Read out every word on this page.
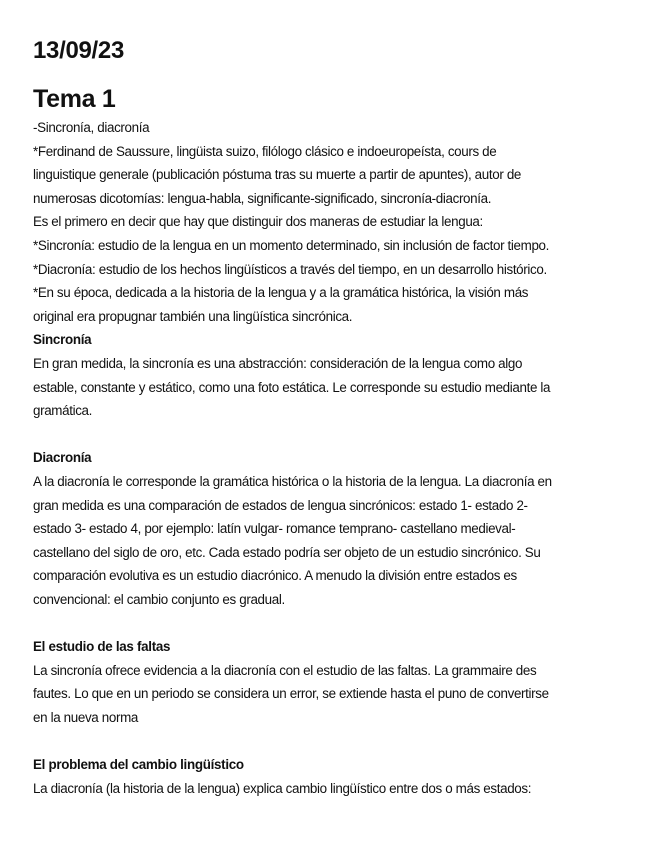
13/09/23
Tema 1
-Sincronía, diacronía
*Ferdinand de Saussure, lingüista suizo, filólogo clásico e indoeuropeísta, cours de
linguistique generale (publicación póstuma tras su muerte a partir de apuntes), autor de
numerosas dicotomías: lengua-habla, significante-significado, sincronía-diacronía.
Es el primero en decir que hay que distinguir dos maneras de estudiar la lengua:
*Sincronía: estudio de la lengua en un momento determinado, sin inclusión de factor tiempo.
*Diacronía: estudio de los hechos lingüísticos a través del tiempo, en un desarrollo histórico.
*En su época, dedicada a la historia de la lengua y a la gramática histórica, la visión más
original era propugnar también una lingüística sincrónica.
Sincronía
En gran medida, la sincronía es una abstracción: consideración de la lengua como algo
estable, constante y estático, como una foto estática. Le corresponde su estudio mediante la
gramática.
Diacronía
A la diacronía le corresponde la gramática histórica o la historia de la lengua. La diacronía en
gran medida es una comparación de estados de lengua sincrónicos: estado 1- estado 2-
estado 3- estado 4, por ejemplo: latín vulgar- romance temprano- castellano medieval-
castellano del siglo de oro, etc. Cada estado podría ser objeto de un estudio sincrónico. Su
comparación evolutiva es un estudio diacrónico. A menudo la división entre estados es
convencional: el cambio conjunto es gradual.
El estudio de las faltas
La sincronía ofrece evidencia a la diacronía con el estudio de las faltas. La grammaire des
fautes. Lo que en un periodo se considera un error, se extiende hasta el puno de convertirse
en la nueva norma
El problema del cambio lingüístico
La diacronía (la historia de la lengua) explica cambio lingüístico entre dos o más estados:
